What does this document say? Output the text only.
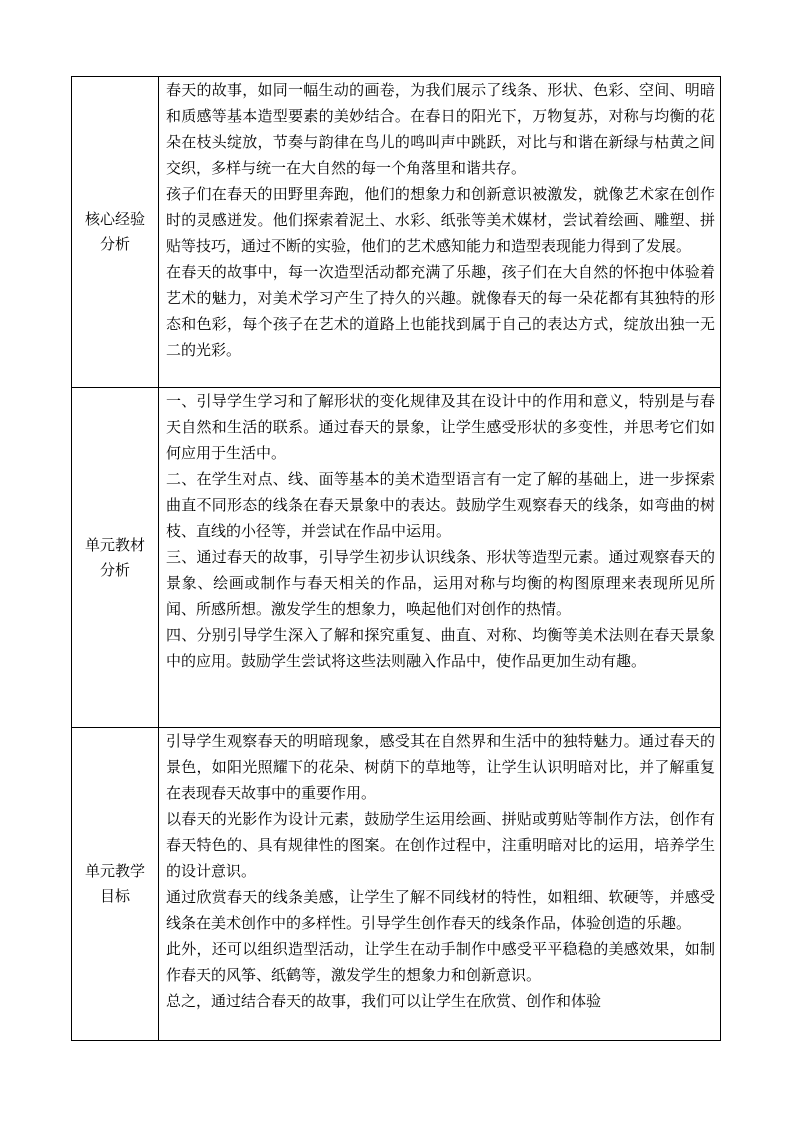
核心经验分析	春天的故事，如同一幅生动的画卷，为我们展示了线条、形状、色彩、空间、明暗和质感等基本造型要素的美妙结合。在春日的阳光下，万物复苏，对称与均衡的花朵在枝头绽放，节奏与韵律在鸟儿的鸣叫声中跳跃，对比与和谐在新绿与枯黄之间交织，多样与统一在大自然的每一个角落里和谐共存。

孩子们在春天的田野里奔跑，他们的想象力和创新意识被激发，就像艺术家在创作时的灵感迸发。他们探索着泥土、水彩、纸张等美术媒材，尝试着绘画、雕塑、拼贴等技巧，通过不断的实验，他们的艺术感知能力和造型表现能力得到了发展。

在春天的故事中，每一次造型活动都充满了乐趣，孩子们在大自然的怀抱中体验着艺术的魅力，对美术学习产生了持久的兴趣。就像春天的每一朵花都有其独特的形态和色彩，每个孩子在艺术的道路上也能找到属于自己的表达方式，绽放出独一无二的光彩。

单元教材分析	一、引导学生学习和了解形状的变化规律及其在设计中的作用和意义，特别是与春天自然和生活的联系。通过春天的景象，让学生感受形状的多变性，并思考它们如何应用于生活中。

二、在学生对点、线、面等基本的美术造型语言有一定了解的基础上，进一步探索曲直不同形态的线条在春天景象中的表达。鼓励学生观察春天的线条，如弯曲的树枝、直线的小径等，并尝试在作品中运用。

三、通过春天的故事，引导学生初步认识线条、形状等造型元素。通过观察春天的景象、绘画或制作与春天相关的作品，运用对称与均衡的构图原理来表现所见所闻、所感所想。激发学生的想象力，唤起他们对创作的热情。

四、分别引导学生深入了解和探究重复、曲直、对称、均衡等美术法则在春天景象中的应用。鼓励学生尝试将这些法则融入作品中，使作品更加生动有趣。

单元教学目标	引导学生观察春天的明暗现象，感受其在自然界和生活中的独特魅力。通过春天的景色，如阳光照耀下的花朵、树荫下的草地等，让学生认识明暗对比，并了解重复在表现春天故事中的重要作用。

以春天的光影作为设计元素，鼓励学生运用绘画、拼贴或剪贴等制作方法，创作有春天特色的、具有规律性的图案。在创作过程中，注重明暗对比的运用，培养学生的设计意识。

通过欣赏春天的线条美感，让学生了解不同线材的特性，如粗细、软硬等，并感受线条在美术创作中的多样性。引导学生创作春天的线条作品，体验创造的乐趣。

此外，还可以组织造型活动，让学生在动手制作中感受平平稳稳的美感效果，如制作春天的风筝、纸鹤等，激发学生的想象力和创新意识。

总之，通过结合春天的故事，我们可以让学生在欣赏、创作和体验
